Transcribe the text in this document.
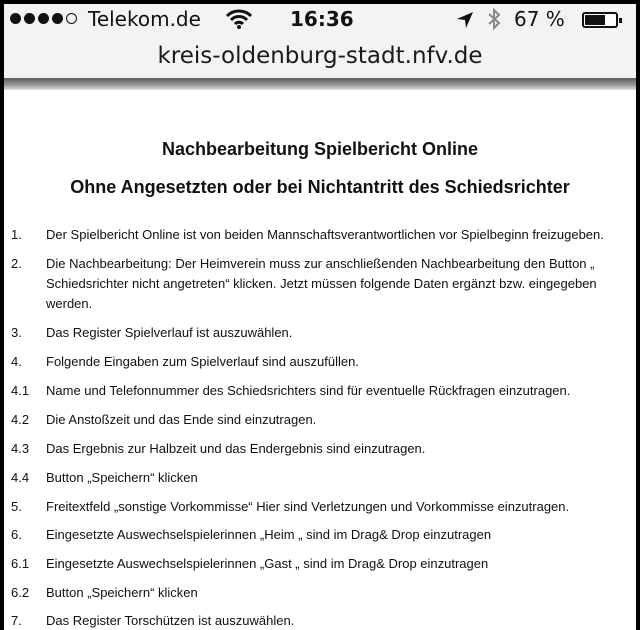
Telekom.de	16:36	67 %
kreis-oldenburg-stadt.nfv.de
Nachbearbeitung Spielbericht Online
Ohne Angesetzten oder bei Nichtantritt des Schiedsrichter
1. Der Spielbericht Online ist von beiden Mannschaftsverantwortlichen vor Spielbeginn freizugeben.
2. Die Nachbearbeitung: Der Heimverein muss zur anschließenden Nachbearbeitung den Button „ Schiedsrichter nicht angetreten“ klicken. Jetzt müssen folgende Daten ergänzt bzw. eingegeben werden.
3. Das Register Spielverlauf ist auszuwählen.
4. Folgende Eingaben zum Spielverlauf sind auszufüllen.
4.1 Name und Telefonnummer des Schiedsrichters sind für eventuelle Rückfragen einzutragen.
4.2 Die Anstoßzeit und das Ende sind einzutragen.
4.3 Das Ergebnis zur Halbzeit und das Endergebnis sind einzutragen.
4.4 Button „Speichern“ klicken
5. Freitextfeld „sonstige Vorkommisse“ Hier sind Verletzungen und Vorkommisse einzutragen.
6. Eingesetzte Auswechselspielerinnen „Heim „ sind im Drag& Drop einzutragen
6.1 Eingesetzte Auswechselspielerinnen „Gast „ sind im Drag& Drop einzutragen
6.2 Button „Speichern“ klicken
7. Das Register Torschützen ist auszuwählen.
